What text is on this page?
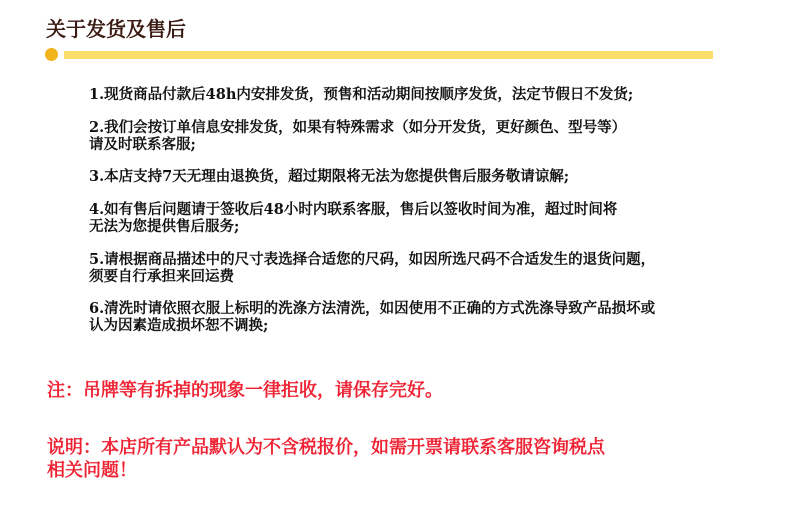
关于发货及售后
1.现货商品付款后48h内安排发货，预售和活动期间按顺序发货，法定节假日不发货;
2.我们会按订单信息安排发货，如果有特殊需求（如分开发货，更好颜色、型号等）
请及时联系客服;
3.本店支持7天无理由退换货，超过期限将无法为您提供售后服务敬请谅解;
4.如有售后问题请于签收后48小时内联系客服，售后以签收时间为准，超过时间将
无法为您提供售后服务;
5.请根据商品描述中的尺寸表选择合适您的尺码，如因所选尺码不合适发生的退货问题，
须要自行承担来回运费
6.清洗时请依照衣服上标明的洗涤方法清洗，如因使用不正确的方式洗涤导致产品损坏或
认为因素造成损坏恕不调换;
注：吊牌等有拆掉的现象一律拒收，请保存完好。
说明：本店所有产品默认为不含税报价，如需开票请联系客服咨询税点
相关问题！
